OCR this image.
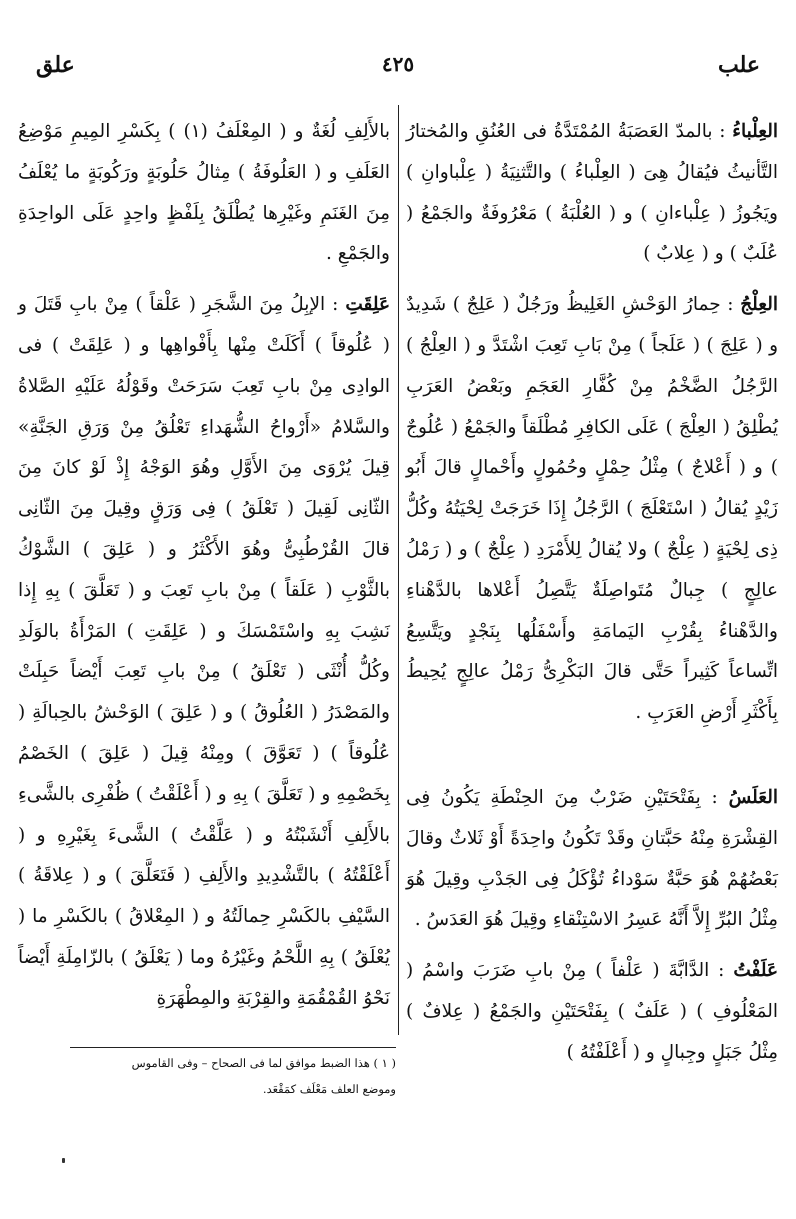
علب
٤٢٥
علق

العِلْباءُ : بالمدّ العَصَبَةُ المُمْتَدَّةُ فى العُنُقِ والمُختارُ التَّأنيثُ فيُقالُ هِىَ ( العِلْباءُ ) والتَّثنِيَةُ ( عِلْباوانِ ) ويَجُوزُ ( عِلْباءانِ ) و ( العُلْبَةُ ) مَعْرُوفَةٌ والجَمْعُ ( عُلَبٌ ) و ( عِلابٌ )

العِلْجُ : حِمارُ الوَحْشِ الغَلِيظُ ورَجُلٌ ( عَلِجٌ ) شَدِيدٌ و ( عَلِجَ ) ( عَلَجاً ) مِنْ بَابِ تَعِبَ اشْتَدَّ و ( العِلْجُ ) الرَّجُلُ الضَّخْمُ مِنْ كُفَّارِ العَجَمِ وبَعْضُ العَرَبِ يُطْلِقُ ( العِلْجَ ) عَلَى الكافِرِ مُطْلَقاً والجَمْعُ ( عُلُوجٌ ) و ( أَعْلاجٌ ) مِثْلُ حِمْلٍ وحُمُولٍ وأَحْمالٍ قالَ أَبُو زَيْدٍ يُقالُ ( اسْتَعْلَجَ ) الرَّجُلُ إِذَا خَرَجَتْ لِحْيَتُهُ وكُلُّ ذِى لِحْيَةٍ ( عِلْجٌ ) ولا يُقالُ لِلأَمْرَدِ ( عِلْجٌ ) و ( رَمْلُ عالِجٍ ) جِبالٌ مُتَواصِلَةٌ يَتَّصِلُ أَعْلاها بالدَّهْناءِ والدَّهْناءُ بِقُرْبِ اليَمامَةِ وأَسْفَلُها بِنَجْدٍ ويَتَّسِعُ اتِّساعاً كَثِيراً حَتَّى قالَ البَكْرِىُّ رَمْلُ عالِجٍ يُحِيطُ بِأَكْثَرِ أَرْضِ العَرَبِ .

العَلَسُ : بِفَتْحَتَيْنِ ضَرْبٌ مِنَ الحِنْطَةِ يَكُونُ فِى القِشْرَةِ مِنْهُ حَبَّتانِ وقَدْ تَكُونُ واحِدَةً أَوْ ثَلاثٌ وقالَ بَعْضُهُمْ هُوَ حَبَّةٌ سَوْداءُ تُؤْكَلُ فِى الجَدْبِ وقِيلَ هُوَ مِثْلُ البُرِّ إِلاَّ أَنَّهُ عَسِرُ الاسْتِنْقاءِ وقِيلَ هُوَ العَدَسُ .

عَلَفْتُ : الدَّابَّةَ ( عَلْفاً ) مِنْ بابِ ضَرَبَ واسْمُ ( المَعْلُوفِ ) ( عَلَفٌ ) بِفَتْحَتَيْنِ والجَمْعُ ( عِلافٌ ) مِثْلُ جَبَلٍ وجِبالٍ و ( أَعْلَفْتُهُ )

بالأَلِفِ لُغَةٌ و ( المِعْلَفُ (١) ) بِكَسْرِ المِيمِ مَوْضِعُ العَلَفِ و ( العَلُوفَةُ ) مِثالُ حَلُوبَةٍ ورَكُوبَةٍ ما يُعْلَفُ مِنَ الغَنَمِ وغَيْرِها يُطْلَقُ بِلَفْظٍ واحِدٍ عَلَى الواحِدَةِ والجَمْعِ .

عَلِقَتِ : الإبِلُ مِنَ الشَّجَرِ ( عَلْقاً ) مِنْ بابِ قَتَلَ و ( عُلُوقاً ) أَكَلَتْ مِنْها بِأَفْواهِها و ( عَلِقَتْ ) فى الوادِى مِنْ بابِ تَعِبَ سَرَحَتْ وقَوْلُهُ عَلَيْهِ الصَّلاةُ والسَّلامُ «أَرْواحُ الشُّهَداءِ تَعْلُقُ مِنْ وَرَقِ الجَنَّةِ» قِيلَ يُرْوَى مِنَ الأَوَّلِ وهُوَ الوَجْهُ إِذْ لَوْ كانَ مِنَ الثّانِى لَقِيلَ ( تَعْلَقُ ) فِى وَرَقٍ وقِيلَ مِنَ الثّانِى قالَ القُرْطُبِىُّ وهُوَ الأَكْثَرُ و ( عَلِقَ ) الشَّوْكُ بالثَّوْبِ ( عَلَقاً ) مِنْ بابِ تَعِبَ و ( تَعَلَّقَ ) بِهِ إِذا نَشِبَ بِهِ واسْتَمْسَكَ و ( عَلِقَتِ ) المَرْأَةُ بالوَلَدِ وكُلُّ أُنْثَى ( تَعْلَقُ ) مِنْ بابِ تَعِبَ أَيْضاً حَبِلَتْ والمَصْدَرُ ( العُلُوقُ ) و ( عَلِقَ ) الوَحْشُ بالحِبالَةِ ( عُلُوقاً ) ( تَعَوَّقَ ) ومِنْهُ قِيلَ ( عَلِقَ ) الخَصْمُ بِخَصْمِهِ و ( تَعَلَّقَ ) بِهِ و ( أَعْلَقْتُ ) ظُفْرِى بالشَّىءِ بالأَلِفِ أَنْشَبْتُهُ و ( عَلَّقْتُ ) الشَّىءَ بِغَيْرِهِ و ( أَعْلَقْتُهُ ) بالتَّشْدِيدِ والأَلِفِ ( فَتَعَلَّقَ ) و ( عِلاقَةُ ) السَّيْفِ بالكَسْرِ حِمالَتُهُ و ( المِعْلاقُ ) بالكَسْرِ ما ( يُعْلَقُ ) بِهِ اللَّحْمُ وغَيْرُهُ وما ( يَعْلَقُ ) بالزّامِلَةِ أَيْضاً نَحْوُ القُمْقُمَةِ والقِرْبَةِ والمِطْهَرَةِ

( ١ ) هذا الضبط موافق لما فى الصحاح – وفى القاموس
وموضع العلف مَعْلَف كمَقْعَد.
